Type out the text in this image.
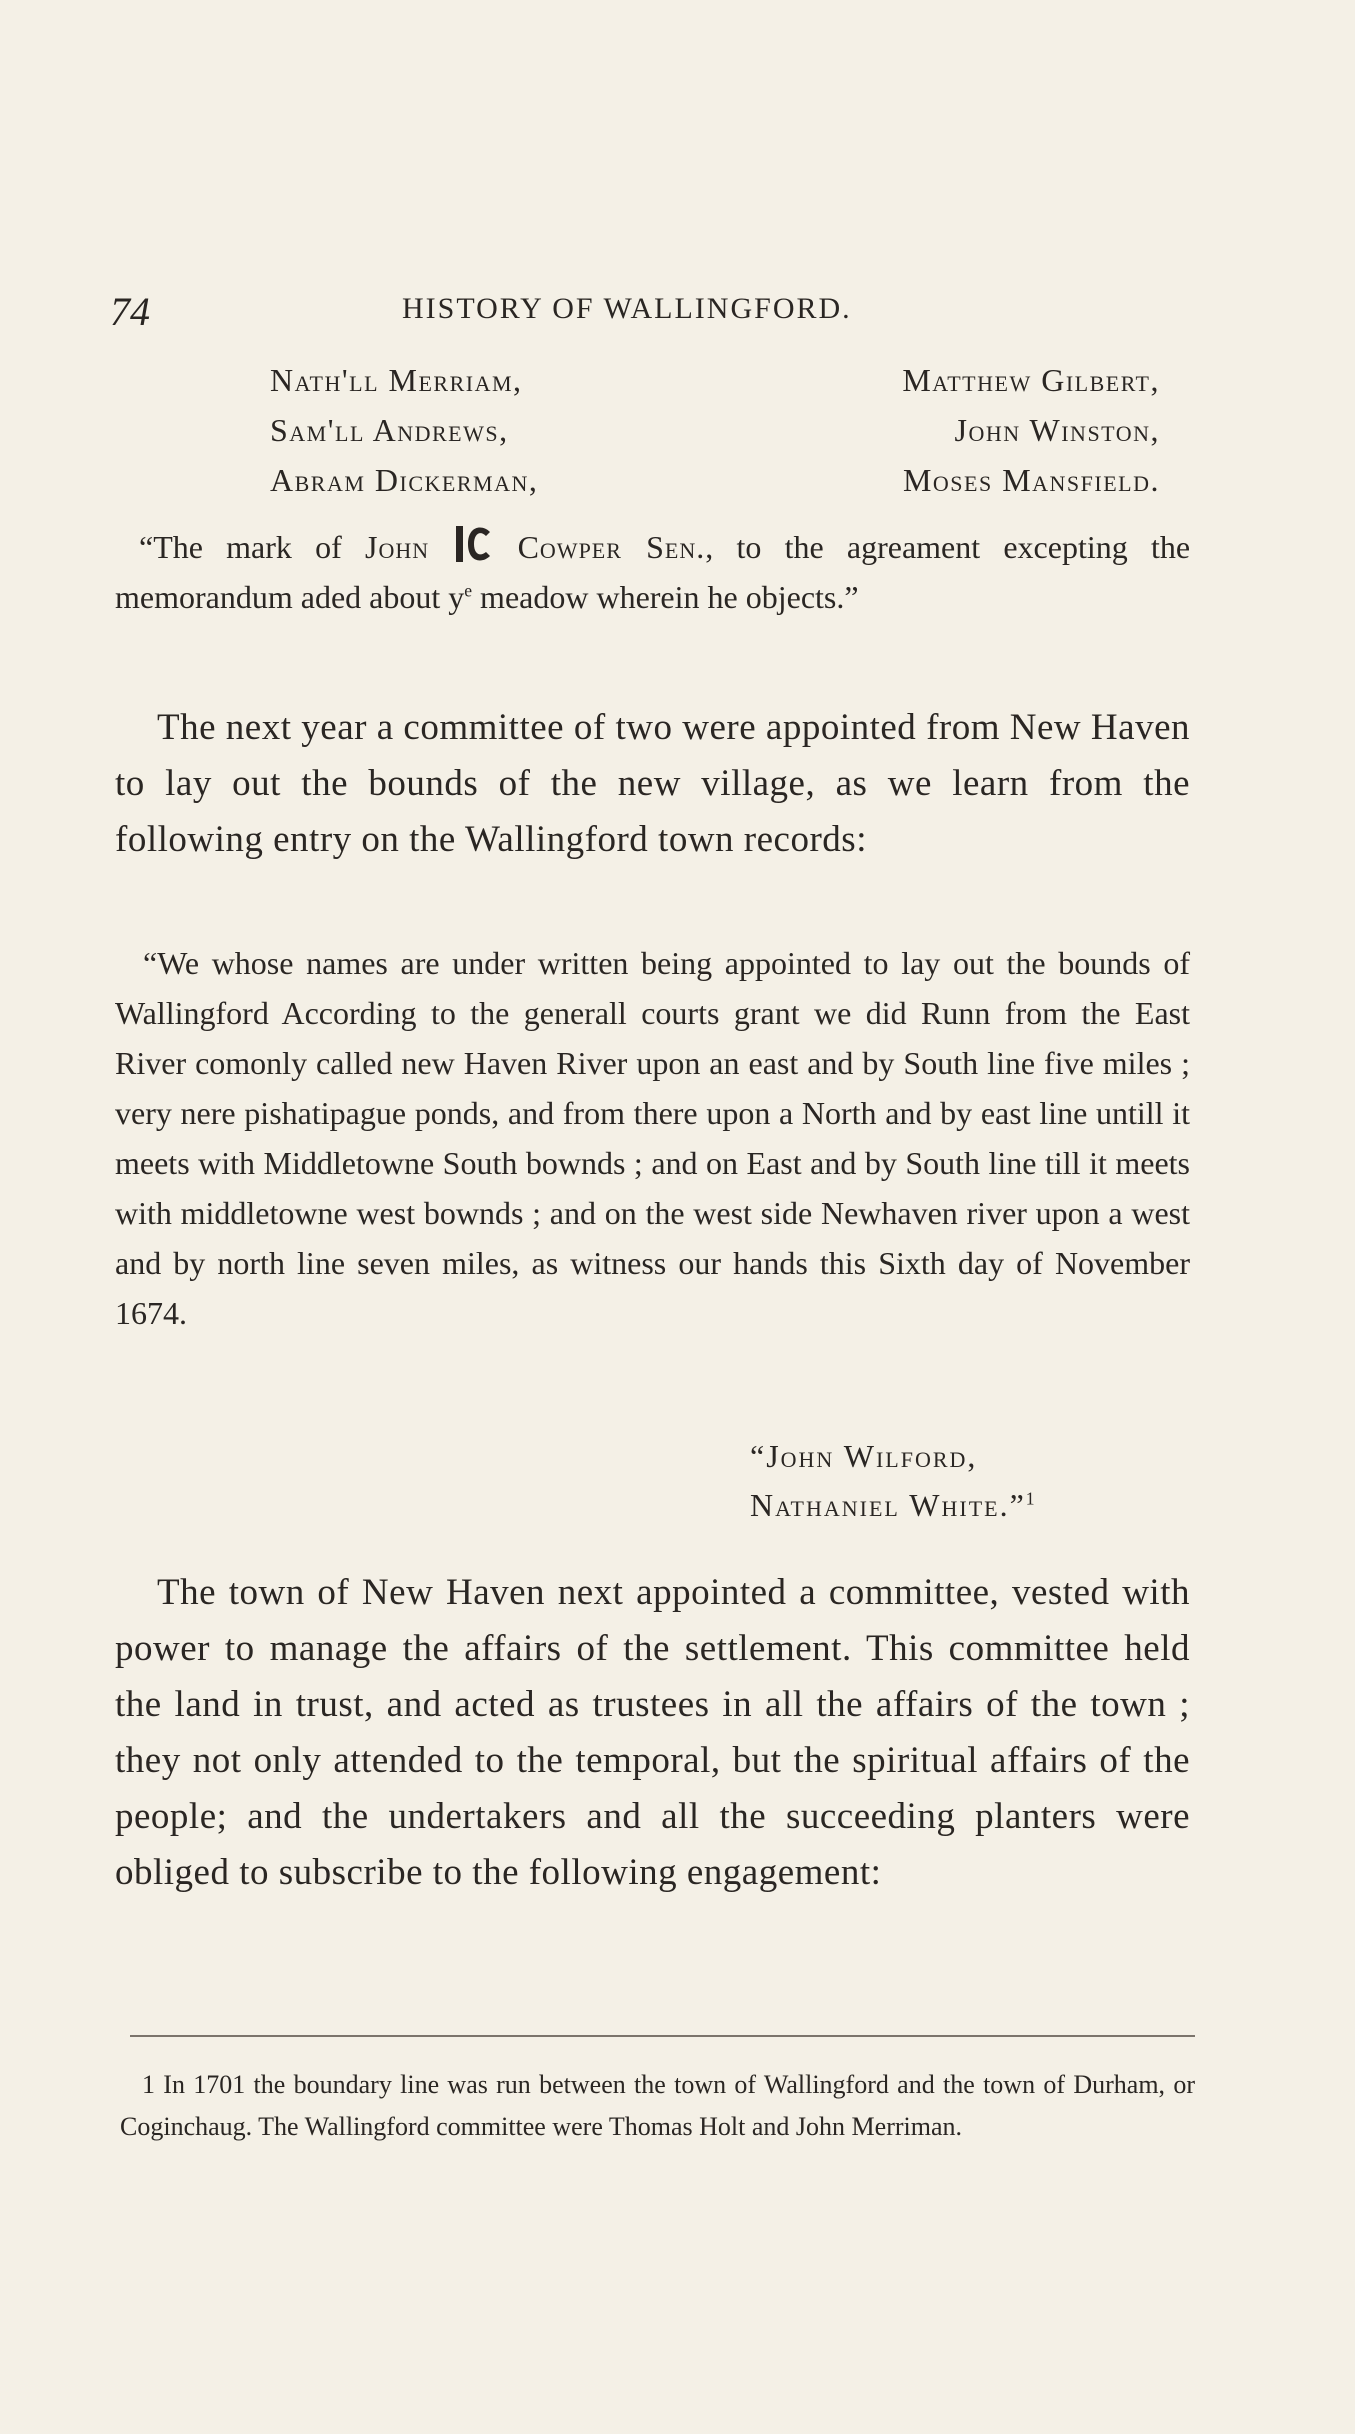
74	HISTORY OF WALLINGFORD.
Nath'll Merriam,	Matthew Gilbert,
Sam'll Andrews,	John Winston,
Abram Dickerman,	Moses Mansfield.
“The mark of John	Cowper Sen., to the agreament excepting the memorandum aded about $y^e$ meadow wherein he objects.”

The next year a committee of two were appointed from New Haven to lay out the bounds of the new village, as we learn from the following entry on the Wallingford town records:

“We whose names are under written being appointed to lay out the bounds of Wallingford According to the generall courts grant we did Runn from the East River comonly called new Haven River upon an east and by South line five miles ; very nere pishatipague ponds, and from there upon a North and by east line untill it meets with Middletowne South bownds ; and on East and by South line till it meets with middletowne west bownds ; and on the west side Newhaven river upon a west and by north line seven miles, as witness our hands this Sixth day of November 1674.

“John Wilford,
Nathaniel White.”$^1$

The town of New Haven next appointed a committee, vested with power to manage the affairs of the settlement. This committee held the land in trust, and acted as trustees in all the affairs of the town ; they not only attended to the temporal, but the spiritual affairs of the people; and the undertakers and all the succeeding planters were obliged to subscribe to the following engagement:

1 In 1701 the boundary line was run between the town of Wallingford and the town of Durham, or Coginchaug. The Wallingford committee were Thomas Holt and John Merriman.
